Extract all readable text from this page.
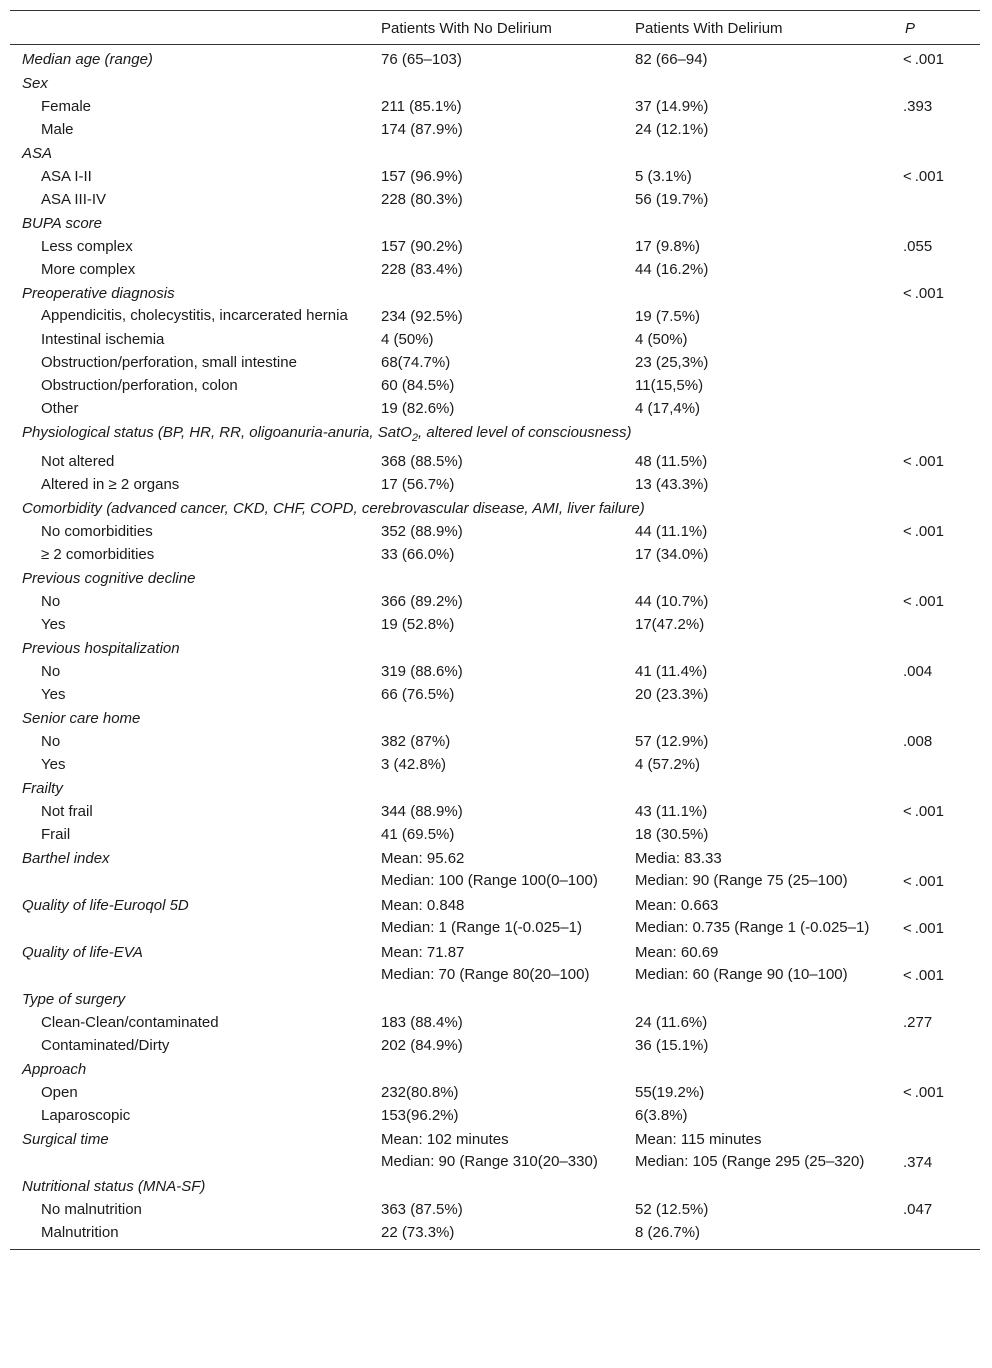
	Patients With No Delirium	Patients With Delirium	P
Median age (range)	76 (65–103)	82 (66–94)	< .001
Sex			
Female	211 (85.1%)	37 (14.9%)	.393
Male	174 (87.9%)	24 (12.1%)	
ASA			
ASA I-II	157 (96.9%)	5 (3.1%)	< .001
ASA III-IV	228 (80.3%)	56 (19.7%)	
BUPA score			
Less complex	157 (90.2%)	17 (9.8%)	.055
More complex	228 (83.4%)	44 (16.2%)	
Preoperative diagnosis			< .001
Appendicitis, cholecystitis, incarcerated hernia	234 (92.5%)	19 (7.5%)	
Intestinal ischemia	4 (50%)	4 (50%)	
Obstruction/perforation, small intestine	68(74.7%)	23 (25,3%)	
Obstruction/perforation, colon	60 (84.5%)	11(15,5%)	
Other	19 (82.6%)	4 (17,4%)	
Physiological status (BP, HR, RR, oligoanuria-anuria, SatO$_2$, altered level of consciousness)			
Not altered	368 (88.5%)	48 (11.5%)	< .001
Altered in ≥ 2 organs	17 (56.7%)	13 (43.3%)	
Comorbidity (advanced cancer, CKD, CHF, COPD, cerebrovascular disease, AMI, liver failure)			
No comorbidities	352 (88.9%)	44 (11.1%)	< .001
≥ 2 comorbidities	33 (66.0%)	17 (34.0%)	
Previous cognitive decline			
No	366 (89.2%)	44 (10.7%)	< .001
Yes	19 (52.8%)	17(47.2%)	
Previous hospitalization			
No	319 (88.6%)	41 (11.4%)	.004
Yes	66 (76.5%)	20 (23.3%)	
Senior care home			
No	382 (87%)	57 (12.9%)	.008
Yes	3 (42.8%)	4 (57.2%)	
Frailty			
Not frail	344 (88.9%)	43 (11.1%)	< .001
Frail	41 (69.5%)	18 (30.5%)	
Barthel index	Mean: 95.62	Media: 83.33	
	Median: 100 (Range 100(0–100)	Median: 90 (Range 75 (25–100)	< .001
Quality of life-Euroqol 5D	Mean: 0.848	Mean: 0.663	
	Median: 1 (Range 1(-0.025–1)	Median: 0.735 (Range 1 (-0.025–1)	< .001
Quality of life-EVA	Mean: 71.87	Mean: 60.69	
	Median: 70 (Range 80(20–100)	Median: 60 (Range 90 (10–100)	< .001
Type of surgery			
Clean-Clean/contaminated	183 (88.4%)	24 (11.6%)	.277
Contaminated/Dirty	202 (84.9%)	36 (15.1%)	
Approach			
Open	232(80.8%)	55(19.2%)	< .001
Laparoscopic	153(96.2%)	6(3.8%)	
Surgical time	Mean: 102 minutes	Mean: 115 minutes	
	Median: 90 (Range 310(20–330)	Median: 105 (Range 295 (25–320)	.374
Nutritional status (MNA-SF)			
No malnutrition	363 (87.5%)	52 (12.5%)	.047
Malnutrition	22 (73.3%)	8 (26.7%)	
